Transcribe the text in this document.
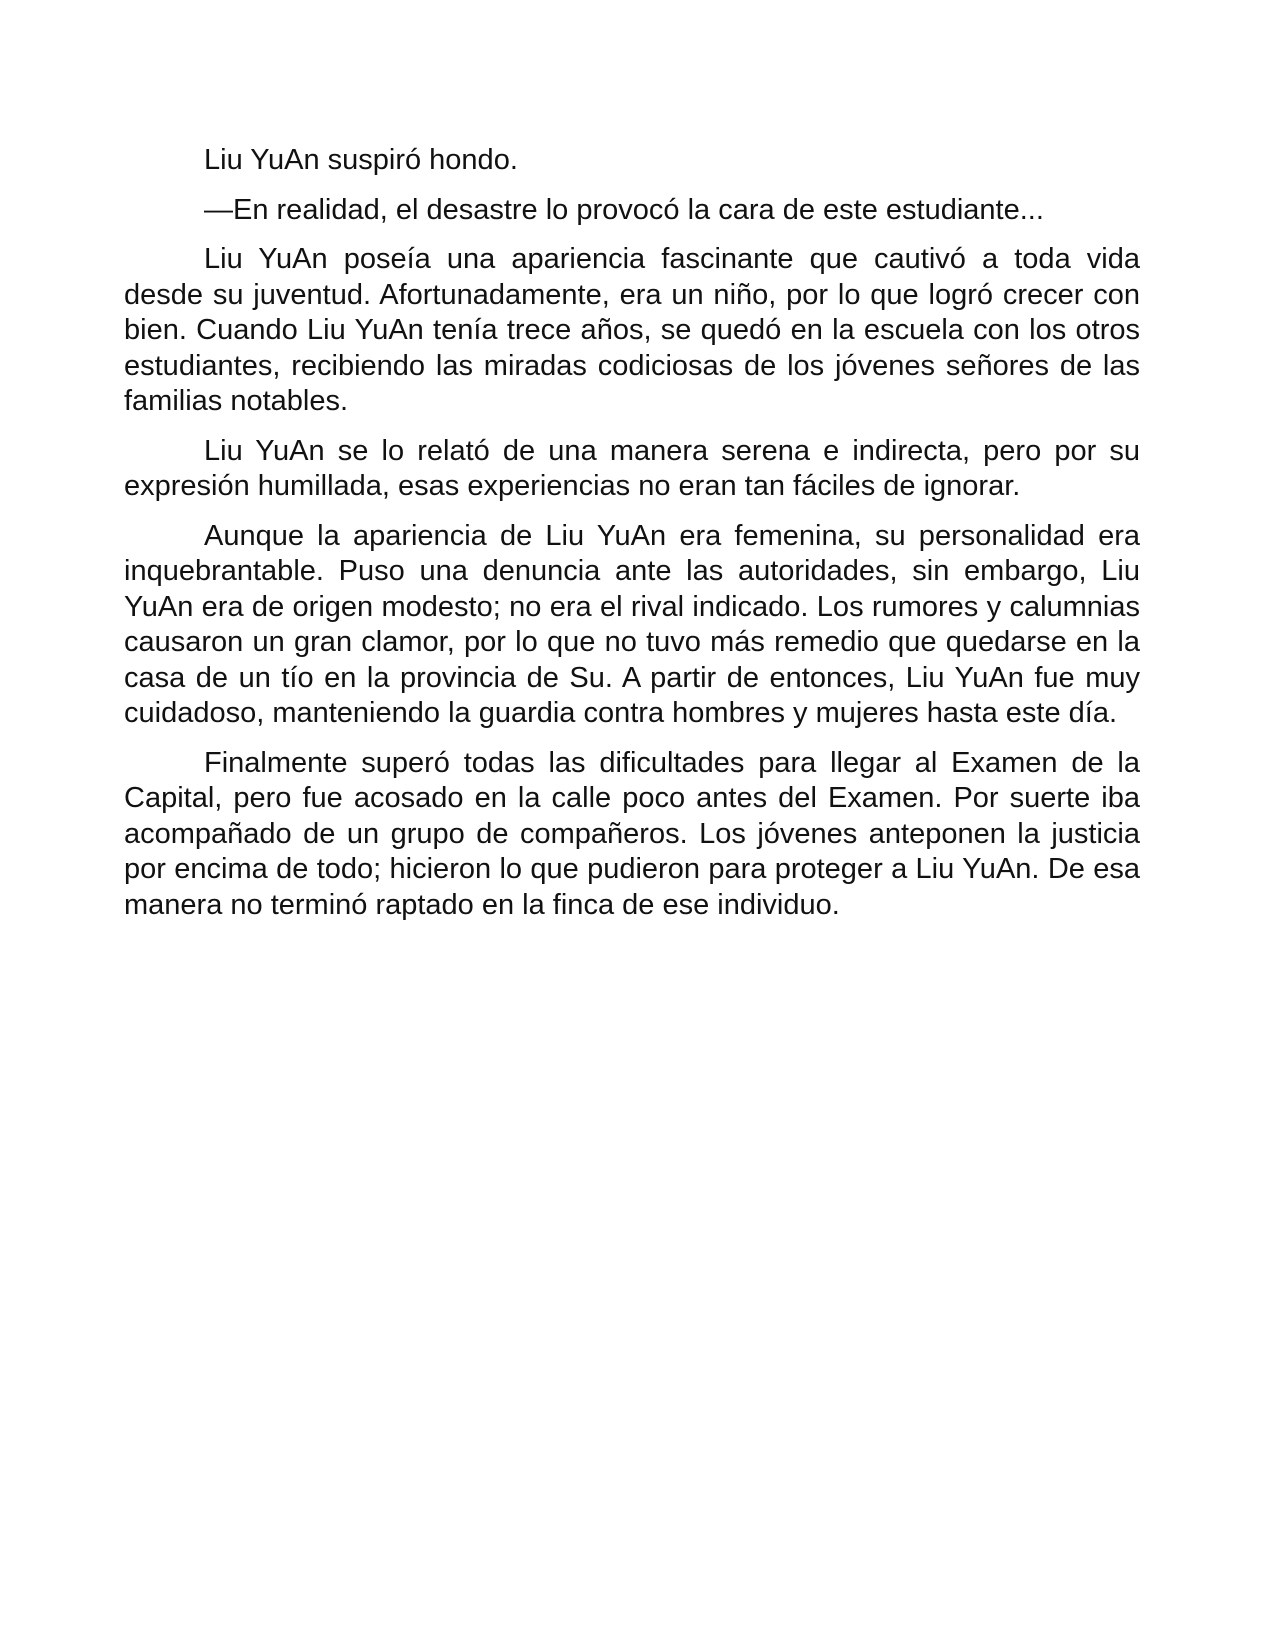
Liu YuAn suspiró hondo.

—En realidad, el desastre lo provocó la cara de este estudiante...

Liu YuAn poseía una apariencia fascinante que cautivó a toda vida desde su juventud. Afortunadamente, era un niño, por lo que logró crecer con bien. Cuando Liu YuAn tenía trece años, se quedó en la escuela con los otros estudiantes, recibiendo las miradas codiciosas de los jóvenes señores de las familias notables.

Liu YuAn se lo relató de una manera serena e indirecta, pero por su expresión humillada, esas experiencias no eran tan fáciles de ignorar.

Aunque la apariencia de Liu YuAn era femenina, su personalidad era inquebrantable. Puso una denuncia ante las autoridades, sin embargo, Liu YuAn era de origen modesto; no era el rival indicado. Los rumores y calumnias causaron un gran clamor, por lo que no tuvo más remedio que quedarse en la casa de un tío en la provincia de Su. A partir de entonces, Liu YuAn fue muy cuidadoso, manteniendo la guardia contra hombres y mujeres hasta este día.

Finalmente superó todas las dificultades para llegar al Examen de la Capital, pero fue acosado en la calle poco antes del Examen. Por suerte iba acompañado de un grupo de compañeros. Los jóvenes anteponen la justicia por encima de todo; hicieron lo que pudieron para proteger a Liu YuAn. De esa manera no terminó raptado en la finca de ese individuo.
